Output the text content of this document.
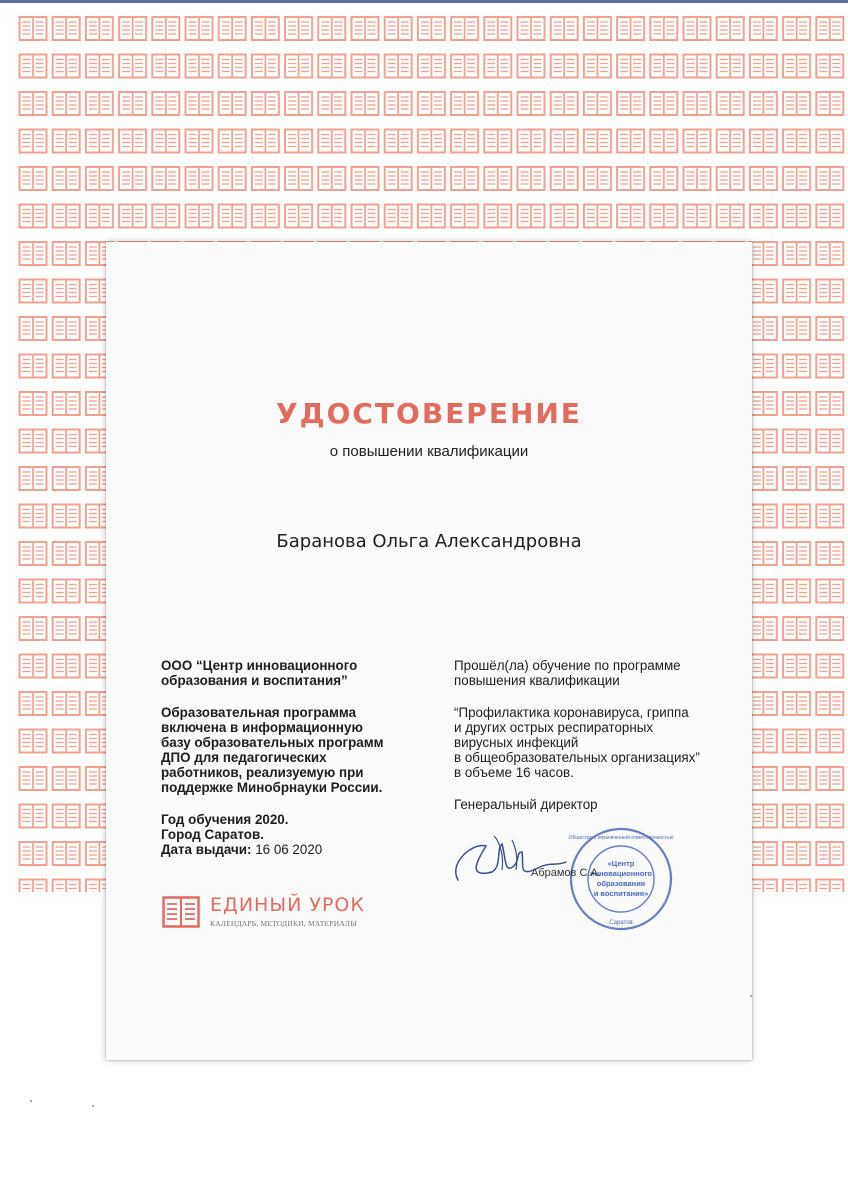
УДОСТОВЕРЕНИЕ
о повышении квалификации
Баранова Ольга Александровна
ООО “Центр инновационного
образования и воспитания”
Образовательная программа
включена в информационную
базу образовательных программ
ДПО для педагогических
работников, реализуемую при
поддержке Минобрнауки России.
Год обучения 2020.
Город Саратов.
Дата выдачи: 16 06 2020
Прошёл(ла) обучение по программе
повышения квалификации
“Профилактика коронавируса, гриппа
и других острых респираторных
вирусных инфекций
в общеобразовательных организациях”
в объеме 16 часов.
Генеральный директор
«Центр
инновационного
образования
и воспитания»
Общество с ограниченной ответственностью
Саратов
Абрамов С.А.
ЕДИНЫЙ УРОК
КАЛЕНДАРЬ, МЕТОДИКИ, МАТЕРИАЛЫ
